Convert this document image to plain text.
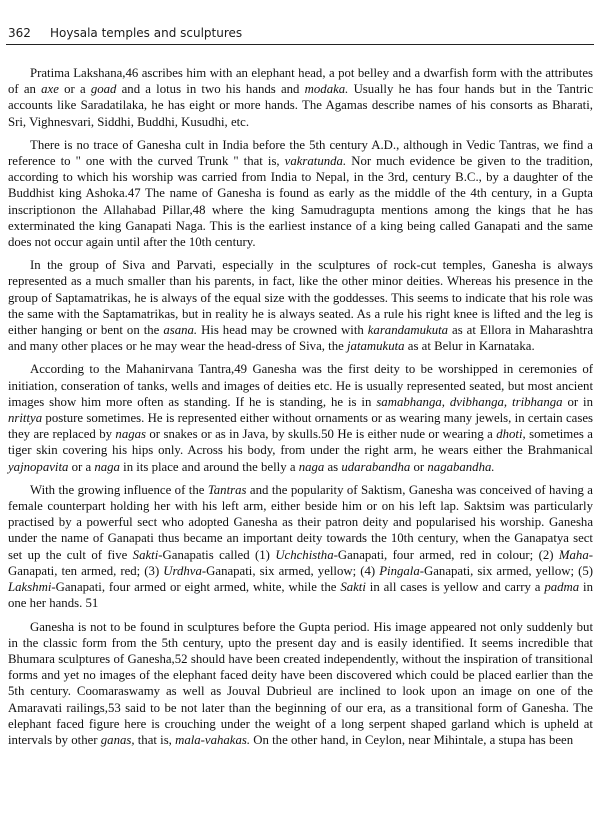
362 Hoysala temples and sculptures

Pratima Lakshana,46 ascribes him with an elephant head, a pot belley and a dwarfish form with the attributes of an axe or a goad and a lotus in two his hands and modaka. Usually he has four hands but in the Tantric accounts like Saradatilaka, he has eight or more hands. The Agamas describe names of his consorts as Bharati, Sri, Vighnesvari, Siddhi, Buddhi, Kusudhi, etc.

There is no trace of Ganesha cult in India before the 5th century A.D., although in Vedic Tantras, we find a reference to " one with the curved Trunk " that is, vakratunda. Nor much evidence be given to the tradition, according to which his worship was carried from India to Nepal, in the 3rd, century B.C., by a daughter of the Buddhist king Ashoka.47 The name of Ganesha is found as early as the middle of the 4th century, in a Gupta inscriptionon the Allahabad Pillar,48 where the king Samudragupta mentions among the kings that he has exterminated the king Ganapati Naga. This is the earliest instance of a king being called Ganapati and the same does not occur again until after the 10th century.

In the group of Siva and Parvati, especially in the sculptures of rock-cut temples, Ganesha is always represented as a much smaller than his parents, in fact, like the other minor deities. Whereas his presence in the group of Saptamatrikas, he is always of the equal size with the goddesses. This seems to indicate that his role was the same with the Saptamatrikas, but in reality he is always seated. As a rule his right knee is lifted and the leg is either hanging or bent on the asana. His head may be crowned with karandamukuta as at Ellora in Maharashtra and many other places or he may wear the head-dress of Siva, the jatamukuta as at Belur in Karnataka.

According to the Mahanirvana Tantra,49 Ganesha was the first deity to be worshipped in ceremonies of initiation, conseration of tanks, wells and images of deities etc. He is usually represented seated, but most ancient images show him more often as standing. If he is standing, he is in samabhanga, dvibhanga, tribhanga or in nrittya posture sometimes. He is represented either without ornaments or as wearing many jewels, in certain cases they are replaced by nagas or snakes or as in Java, by skulls.50 He is either nude or wearing a dhoti, sometimes a tiger skin covering his hips only. Across his body, from under the right arm, he wears either the Brahmanical yajnopavita or a naga in its place and around the belly a naga as udarabandha or nagabandha.

With the growing influence of the Tantras and the popularity of Saktism, Ganesha was conceived of having a female counterpart holding her with his left arm, either beside him or on his left lap. Saktsim was particularly practised by a powerful sect who adopted Ganesha as their patron deity and popularised his worship. Ganesha under the name of Ganapati thus became an important deity towards the 10th century, when the Ganapatya sect set up the cult of five Sakti-Ganapatis called (1) Uchchistha-Ganapati, four armed, red in colour; (2) Maha-Ganapati, ten armed, red; (3) Urdhva-Ganapati, six armed, yellow; (4) Pingala-Ganapati, six armed, yellow; (5) Lakshmi-Ganapati, four armed or eight armed, white, while the Sakti in all cases is yellow and carry a padma in one her hands. 51

Ganesha is not to be found in sculptures before the Gupta period. His image appeared not only suddenly but in the classic form from the 5th century, upto the present day and is easily identified. It seems incredible that Bhumara sculptures of Ganesha,52 should have been created independently, without the inspiration of transitional forms and yet no images of the elephant faced deity have been discovered which could be placed earlier than the 5th century. Coomaraswamy as well as Jouval Dubrieul are inclined to look upon an image on one of the Amaravati railings,53 said to be not later than the beginning of our era, as a transitional form of Ganesha. The elephant faced figure here is crouching under the weight of a long serpent shaped garland which is upheld at intervals by other ganas, that is, mala-vahakas. On the other hand, in Ceylon, near Mihintale, a stupa has been
